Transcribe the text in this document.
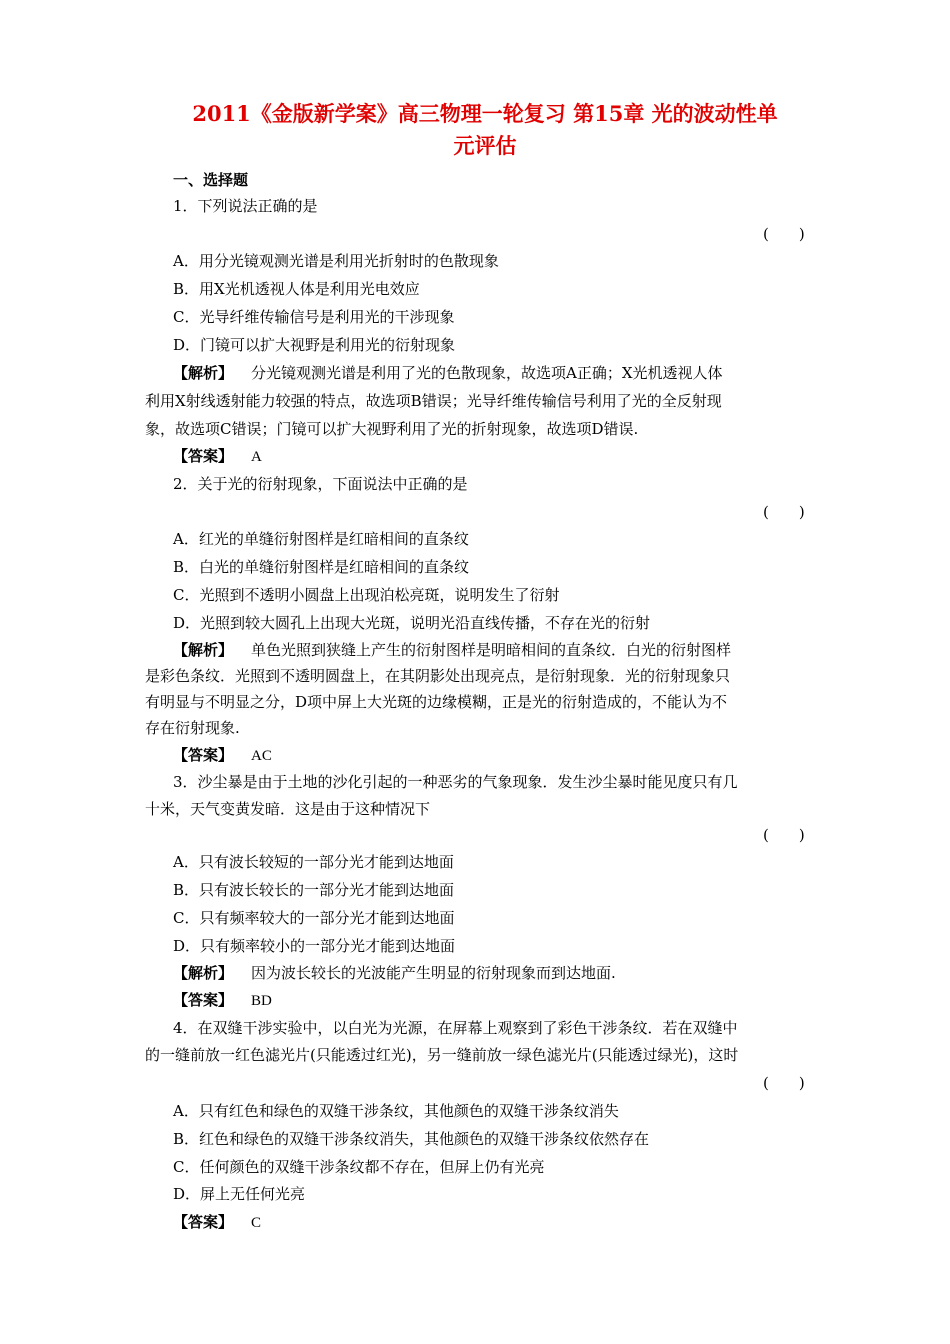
2011《金版新学案》高三物理一轮复习 第15章 光的波动性单
元评估
一、选择题
1．下列说法正确的是
(　　)
A．用分光镜观测光谱是利用光折射时的色散现象
B．用X光机透视人体是利用光电效应
C．光导纤维传输信号是利用光的干涉现象
D．门镜可以扩大视野是利用光的衍射现象
【解析】 分光镜观测光谱是利用了光的色散现象，故选项A正确；X光机透视人体
利用X射线透射能力较强的特点，故选项B错误；光导纤维传输信号利用了光的全反射现
象，故选项C错误；门镜可以扩大视野利用了光的折射现象，故选项D错误.
【答案】 A
2．关于光的衍射现象，下面说法中正确的是
(　　)
A．红光的单缝衍射图样是红暗相间的直条纹
B．白光的单缝衍射图样是红暗相间的直条纹
C．光照到不透明小圆盘上出现泊松亮斑，说明发生了衍射
D．光照到较大圆孔上出现大光斑，说明光沿直线传播，不存在光的衍射
【解析】 单色光照到狭缝上产生的衍射图样是明暗相间的直条纹．白光的衍射图样
是彩色条纹．光照到不透明圆盘上，在其阴影处出现亮点，是衍射现象．光的衍射现象只
有明显与不明显之分，D项中屏上大光斑的边缘模糊，正是光的衍射造成的，不能认为不
存在衍射现象.
【答案】 AC
3．沙尘暴是由于土地的沙化引起的一种恶劣的气象现象．发生沙尘暴时能见度只有几
十米，天气变黄发暗．这是由于这种情况下
(　　)
A．只有波长较短的一部分光才能到达地面
B．只有波长较长的一部分光才能到达地面
C．只有频率较大的一部分光才能到达地面
D．只有频率较小的一部分光才能到达地面
【解析】 因为波长较长的光波能产生明显的衍射现象而到达地面.
【答案】 BD
4．在双缝干涉实验中，以白光为光源，在屏幕上观察到了彩色干涉条纹．若在双缝中
的一缝前放一红色滤光片(只能透过红光)，另一缝前放一绿色滤光片(只能透过绿光)，这时
(　　)
A．只有红色和绿色的双缝干涉条纹，其他颜色的双缝干涉条纹消失
B．红色和绿色的双缝干涉条纹消失，其他颜色的双缝干涉条纹依然存在
C．任何颜色的双缝干涉条纹都不存在，但屏上仍有光亮
D．屏上无任何光亮
【答案】 C
